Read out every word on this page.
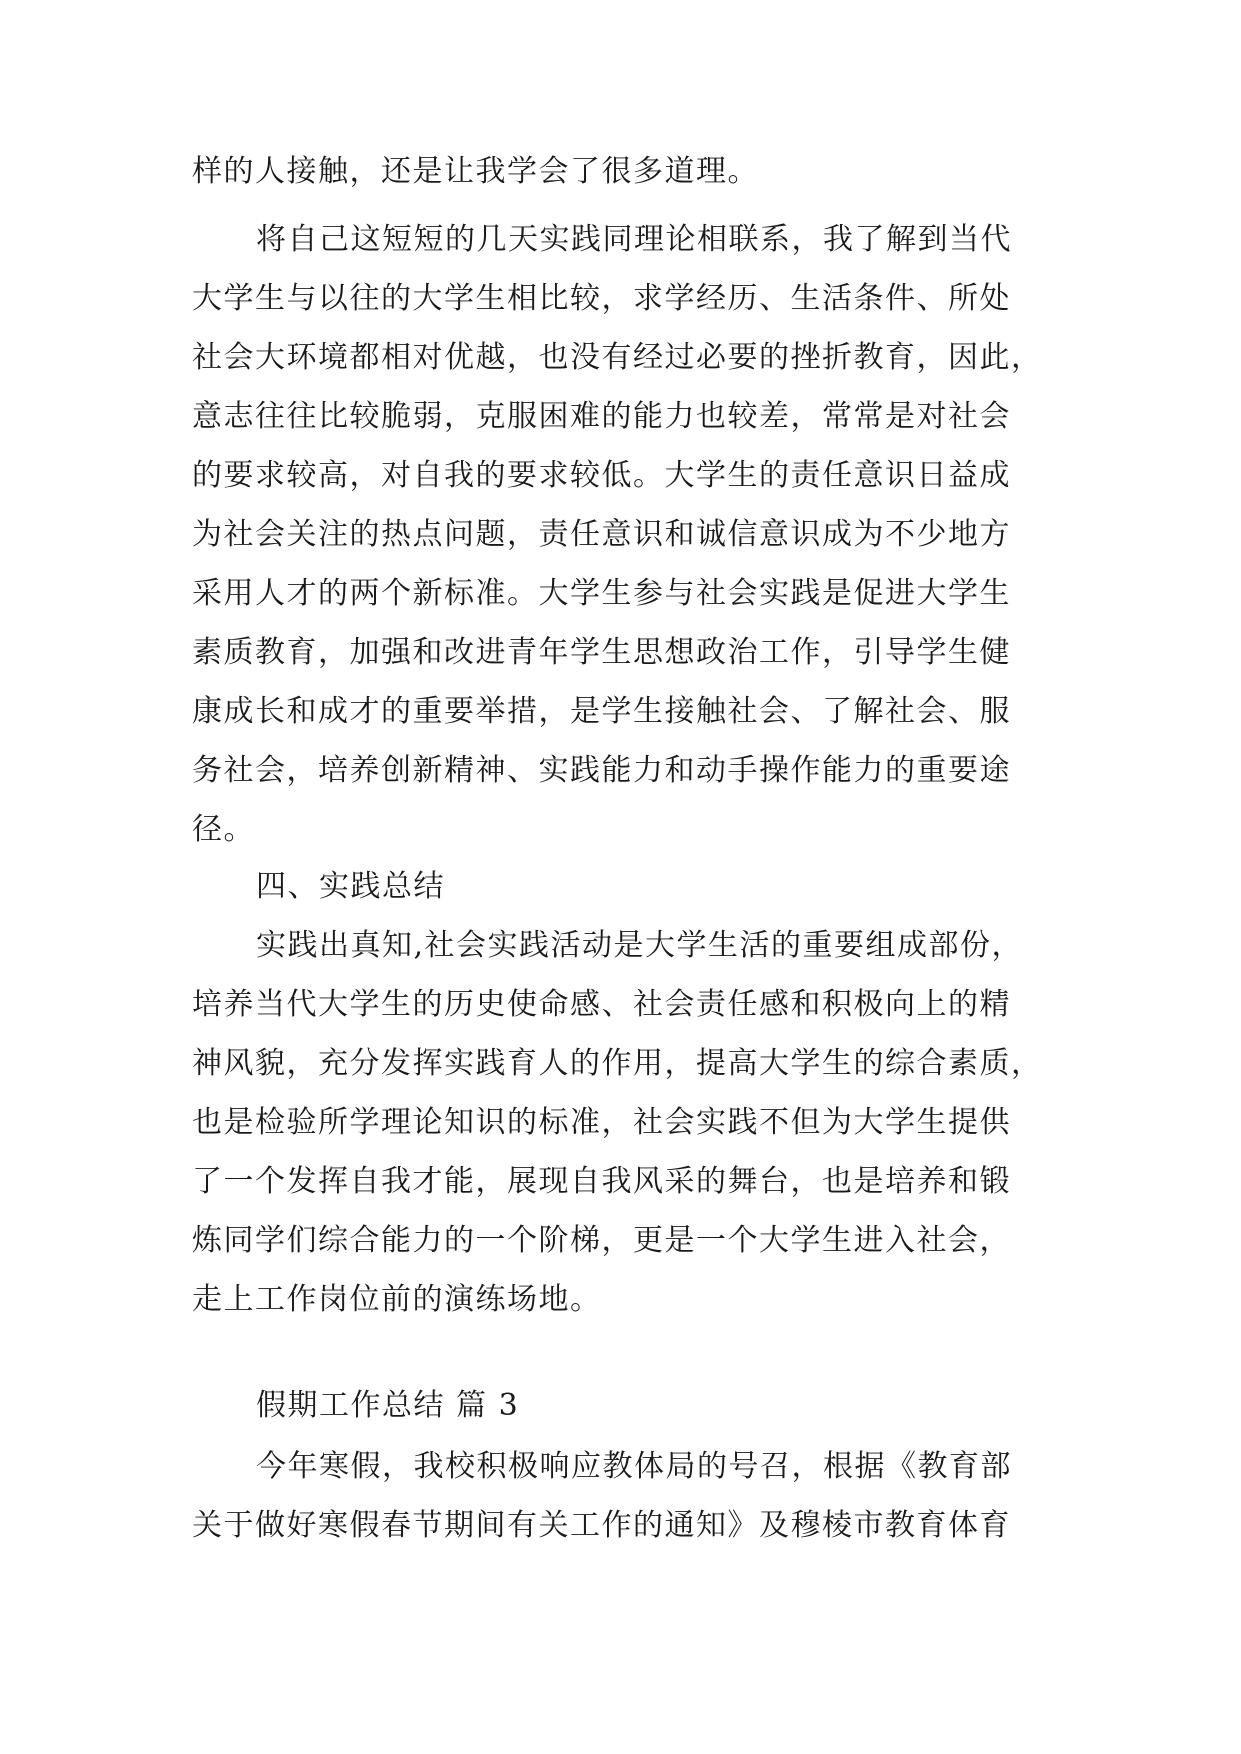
样的人接触，还是让我学会了很多道理。
将自己这短短的几天实践同理论相联系，我了解到当代
大学生与以往的大学生相比较，求学经历、生活条件、所处
社会大环境都相对优越，也没有经过必要的挫折教育，因此，
意志往往比较脆弱，克服困难的能力也较差，常常是对社会
的要求较高，对自我的要求较低。大学生的责任意识日益成
为社会关注的热点问题，责任意识和诚信意识成为不少地方
采用人才的两个新标准。大学生参与社会实践是促进大学生
素质教育，加强和改进青年学生思想政治工作，引导学生健
康成长和成才的重要举措，是学生接触社会、了解社会、服
务社会，培养创新精神、实践能力和动手操作能力的重要途
径。
四、实践总结
实践出真知,社会实践活动是大学生活的重要组成部份，
培养当代大学生的历史使命感、社会责任感和积极向上的精
神风貌，充分发挥实践育人的作用，提高大学生的综合素质，
也是检验所学理论知识的标准，社会实践不但为大学生提供
了一个发挥自我才能，展现自我风采的舞台，也是培养和锻
炼同学们综合能力的一个阶梯，更是一个大学生进入社会，
走上工作岗位前的演练场地。
假期工作总结 篇 3
今年寒假，我校积极响应教体局的号召，根据《教育部
关于做好寒假春节期间有关工作的通知》及穆棱市教育体育
